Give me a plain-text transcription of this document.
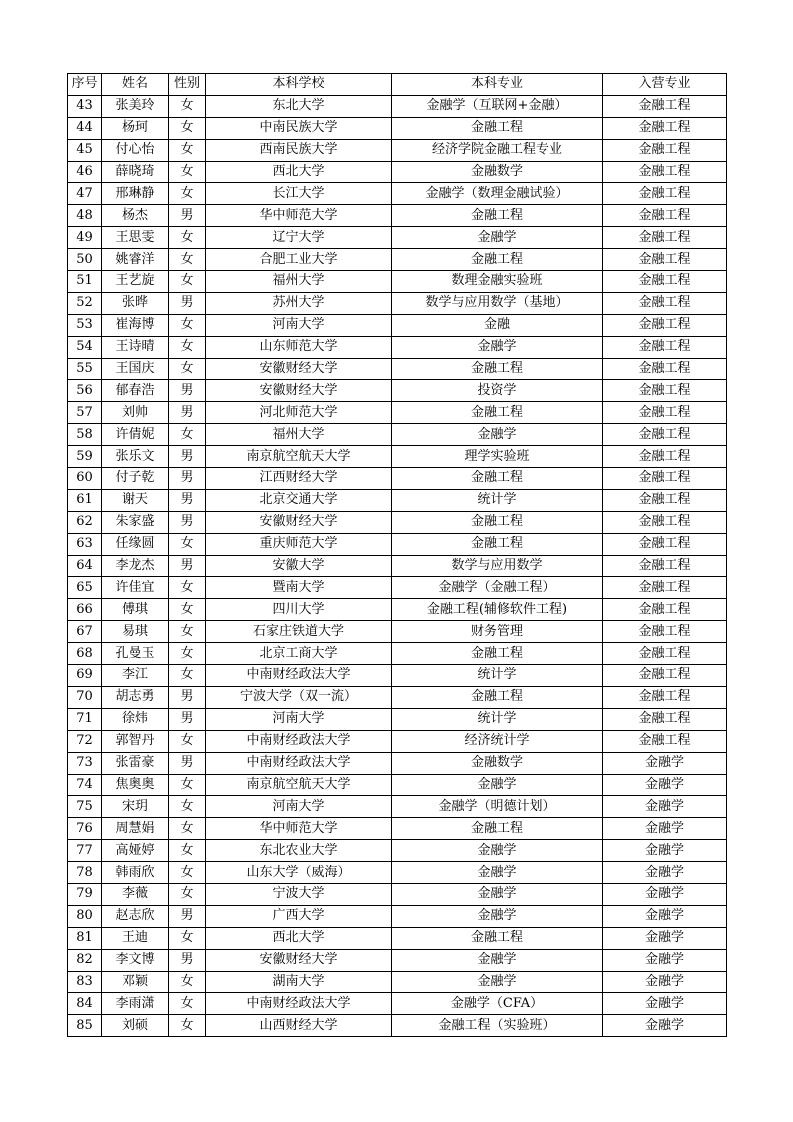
序号	姓名	性别	本科学校	本科专业	入营专业
43	张美玲	女	东北大学	金融学（互联网+金融）	金融工程
44	杨珂	女	中南民族大学	金融工程	金融工程
45	付心怡	女	西南民族大学	经济学院金融工程专业	金融工程
46	薛晓琦	女	西北大学	金融数学	金融工程
47	邢琳静	女	长江大学	金融学（数理金融试验）	金融工程
48	杨杰	男	华中师范大学	金融工程	金融工程
49	王思雯	女	辽宁大学	金融学	金融工程
50	姚睿洋	女	合肥工业大学	金融工程	金融工程
51	王艺旋	女	福州大学	数理金融实验班	金融工程
52	张晔	男	苏州大学	数学与应用数学（基地）	金融工程
53	崔海博	女	河南大学	金融	金融工程
54	王诗晴	女	山东师范大学	金融学	金融工程
55	王国庆	女	安徽财经大学	金融工程	金融工程
56	郁春浩	男	安徽财经大学	投资学	金融工程
57	刘帅	男	河北师范大学	金融工程	金融工程
58	许倩妮	女	福州大学	金融学	金融工程
59	张乐文	男	南京航空航天大学	理学实验班	金融工程
60	付子乾	男	江西财经大学	金融工程	金融工程
61	谢天	男	北京交通大学	统计学	金融工程
62	朱家盛	男	安徽财经大学	金融工程	金融工程
63	任缘圆	女	重庆师范大学	金融工程	金融工程
64	李龙杰	男	安徽大学	数学与应用数学	金融工程
65	许佳宜	女	暨南大学	金融学（金融工程）	金融工程
66	傅琪	女	四川大学	金融工程(辅修软件工程)	金融工程
67	易琪	女	石家庄铁道大学	财务管理	金融工程
68	孔曼玉	女	北京工商大学	金融工程	金融工程
69	李江	女	中南财经政法大学	统计学	金融工程
70	胡志勇	男	宁波大学（双一流）	金融工程	金融工程
71	徐炜	男	河南大学	统计学	金融工程
72	郭智丹	女	中南财经政法大学	经济统计学	金融工程
73	张雷豪	男	中南财经政法大学	金融数学	金融学
74	焦奥奥	女	南京航空航天大学	金融学	金融学
75	宋玥	女	河南大学	金融学（明德计划）	金融学
76	周慧娟	女	华中师范大学	金融工程	金融学
77	高娅婷	女	东北农业大学	金融学	金融学
78	韩雨欣	女	山东大学（威海）	金融学	金融学
79	李薇	女	宁波大学	金融学	金融学
80	赵志欣	男	广西大学	金融学	金融学
81	王迪	女	西北大学	金融工程	金融学
82	李文博	男	安徽财经大学	金融学	金融学
83	邓颖	女	湖南大学	金融学	金融学
84	李雨潇	女	中南财经政法大学	金融学（CFA）	金融学
85	刘硕	女	山西财经大学	金融工程（实验班）	金融学
